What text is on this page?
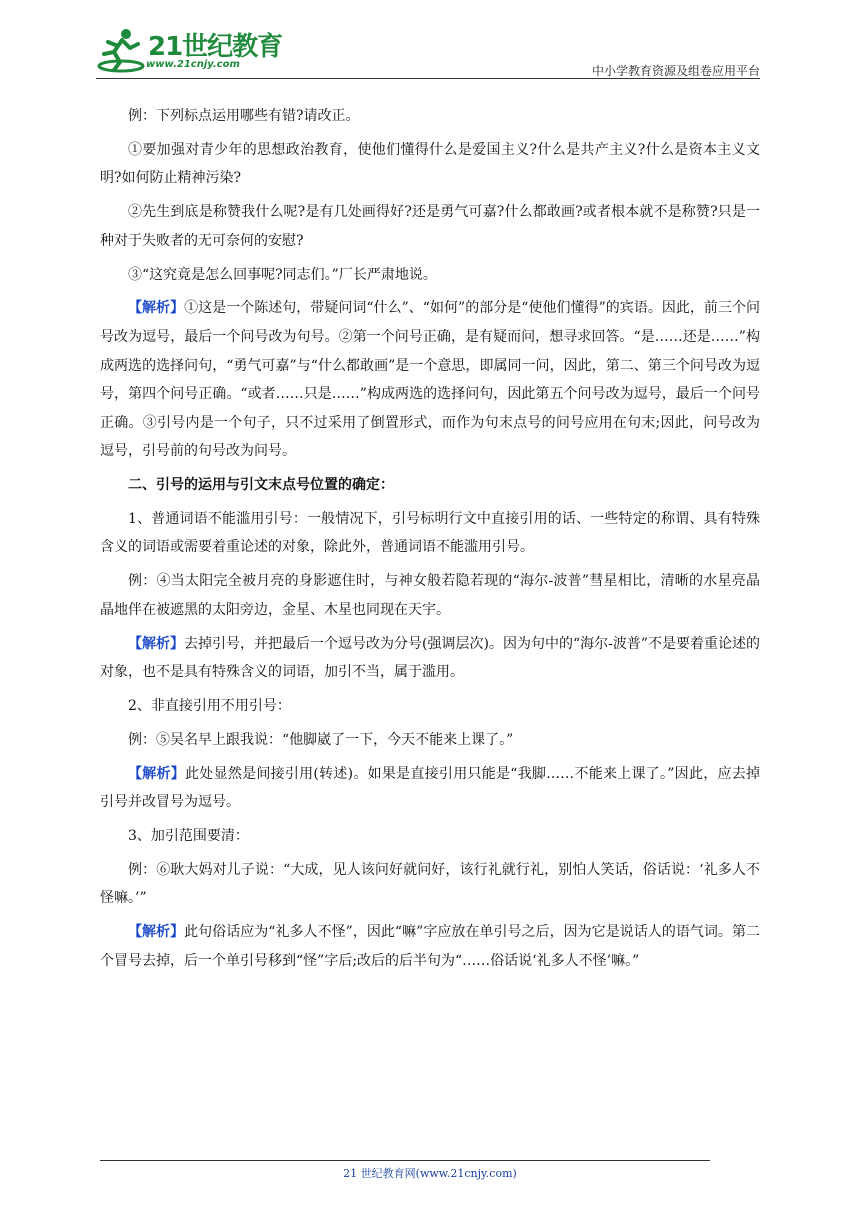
21世纪教育
www.21cnjy.com	中小学教育资源及组卷应用平台

例：下列标点运用哪些有错?请改正。

①要加强对青少年的思想政治教育，使他们懂得什么是爱国主义?什么是共产主义?什么是资本主义文明?如何防止精神污染?

②先生到底是称赞我什么呢?是有几处画得好?还是勇气可嘉?什么都敢画?或者根本就不是称赞?只是一种对于失败者的无可奈何的安慰?

③“这究竟是怎么回事呢?同志们。”厂长严肃地说。

【解析】①这是一个陈述句，带疑问词“什么”、“如何”的部分是“使他们懂得”的宾语。因此，前三个问号改为逗号，最后一个问号改为句号。②第一个问号正确，是有疑而问，想寻求回答。“是……还是……”构成两选的选择问句，“勇气可嘉”与“什么都敢画”是一个意思，即属同一问，因此，第二、第三个问号改为逗号，第四个问号正确。“或者……只是……”构成两选的选择问句，因此第五个问号改为逗号，最后一个问号正确。③引号内是一个句子，只不过采用了倒置形式，而作为句末点号的问号应用在句末;因此，问号改为逗号，引号前的句号改为问号。

二、引号的运用与引文末点号位置的确定：

1、普通词语不能滥用引号：一般情况下，引号标明行文中直接引用的话、一些特定的称谓、具有特殊含义的词语或需要着重论述的对象，除此外，普通词语不能滥用引号。

例：④当太阳完全被月亮的身影遮住时，与神女般若隐若现的“海尔-波普”彗星相比，清晰的水星亮晶晶地伴在被遮黑的太阳旁边，金星、木星也同现在天宇。

【解析】去掉引号，并把最后一个逗号改为分号(强调层次)。因为句中的“海尔-波普”不是要着重论述的对象，也不是具有特殊含义的词语，加引不当，属于滥用。

2、非直接引用不用引号：

例：⑤吴名早上跟我说：“他脚崴了一下，今天不能来上课了。”

【解析】此处显然是间接引用(转述)。如果是直接引用只能是“我脚……不能来上课了。”因此，应去掉引号并改冒号为逗号。

3、加引范围要清：

例：⑥耿大妈对儿子说：“大成，见人该问好就问好，该行礼就行礼，别怕人笑话，俗话说：‘礼多人不怪嘛。’”

【解析】此句俗话应为“礼多人不怪”，因此“嘛”字应放在单引号之后，因为它是说话人的语气词。第二个冒号去掉，后一个单引号移到“怪”字后;改后的后半句为“……俗话说‘礼多人不怪’嘛。”

21 世纪教育网(www.21cnjy.com)
